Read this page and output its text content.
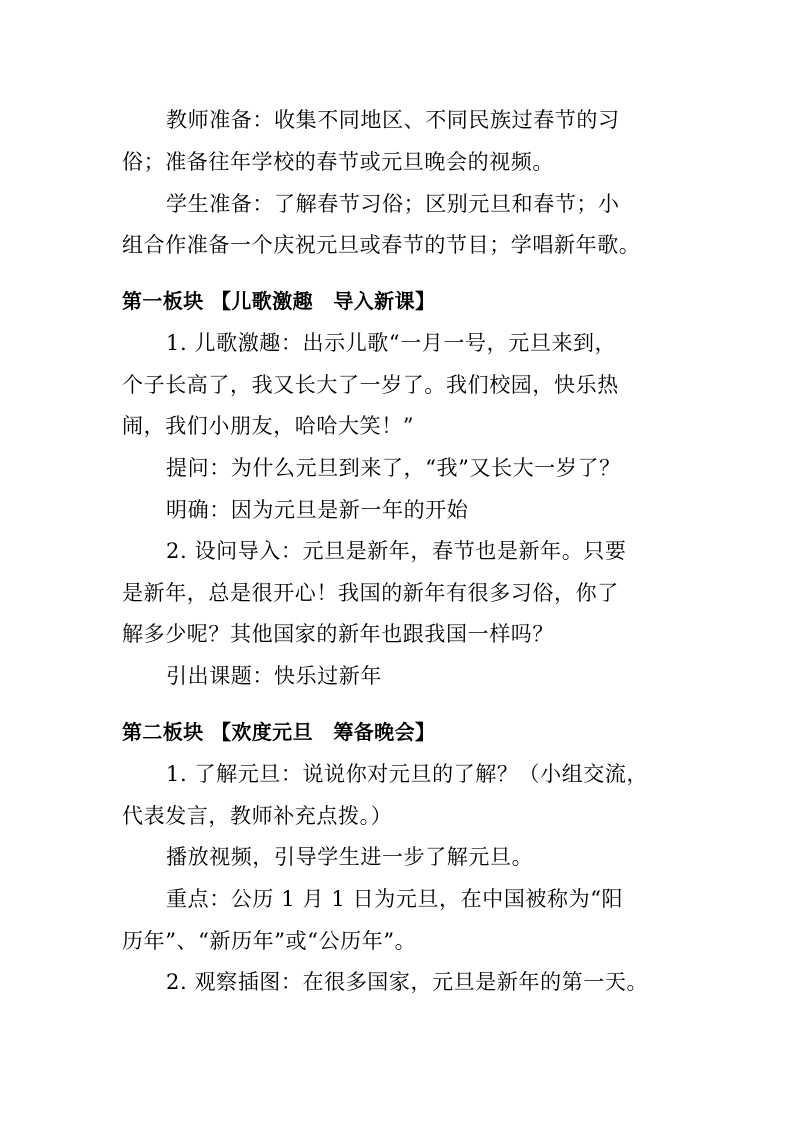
教师准备：收集不同地区、不同民族过春节的习
俗；准备往年学校的春节或元旦晚会的视频。
学生准备：了解春节习俗；区别元旦和春节；小
组合作准备一个庆祝元旦或春节的节目；学唱新年歌。
第一板块 【儿歌激趣　导入新课】
1. 儿歌激趣：出示儿歌“一月一号，元旦来到，
个子长高了，我又长大了一岁了。我们校园，快乐热
闹，我们小朋友，哈哈大笑！”
提问：为什么元旦到来了，“我”又长大一岁了？
明确：因为元旦是新一年的开始
2. 设问导入：元旦是新年，春节也是新年。只要
是新年，总是很开心！我国的新年有很多习俗，你了
解多少呢？其他国家的新年也跟我国一样吗？
引出课题：快乐过新年
第二板块 【欢度元旦　筹备晚会】
1. 了解元旦：说说你对元旦的了解？（小组交流，
代表发言，教师补充点拨。）
播放视频，引导学生进一步了解元旦。
重点：公历 1 月 1 日为元旦，在中国被称为“阳
历年”、“新历年”或“公历年”。
2. 观察插图：在很多国家，元旦是新年的第一天。
